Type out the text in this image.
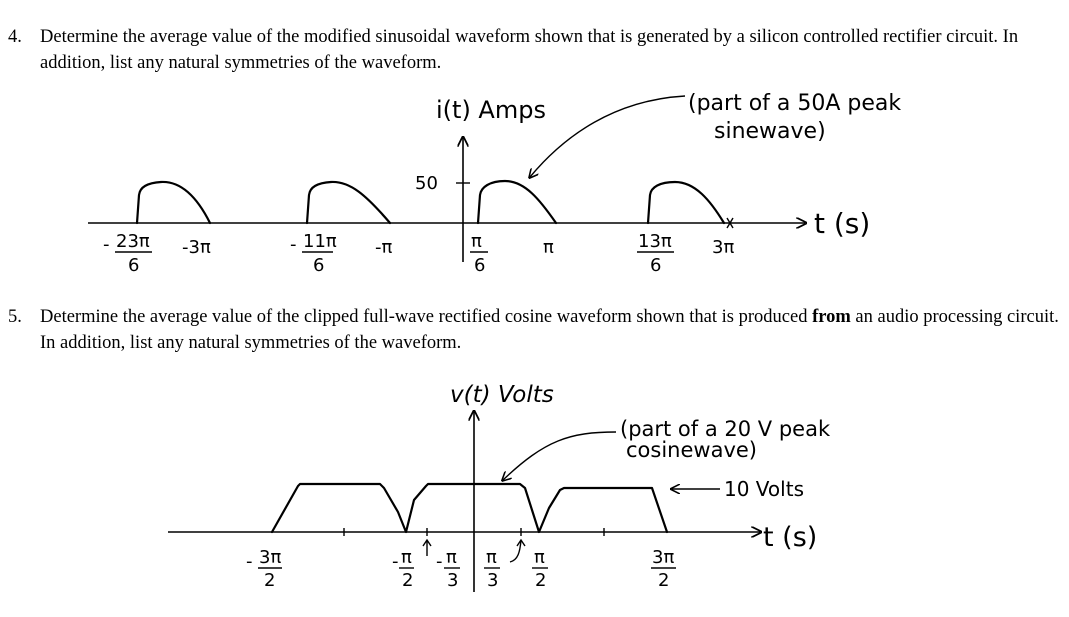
4. Determine the average value of the modified sinusoidal waveform shown that is generated by a silicon controlled rectifier circuit. In addition, list any natural symmetries of the waveform.
5. Determine the average value of the clipped full-wave rectified cosine waveform shown that is produced from an audio processing circuit. In addition, list any natural symmetries of the waveform.
i(t) Amps
t (s)
50
(part of a 50A peak
sinewave)
- 23π
6
-3π	- 11π
6
-π	π
6
π	13π
6
3π
v(t) Volts
t (s)
(part of a 20 V peak
cosinewave)
10 Volts
- 3π
2
- π
2
- π
3
π
3
π
2
3π
2
